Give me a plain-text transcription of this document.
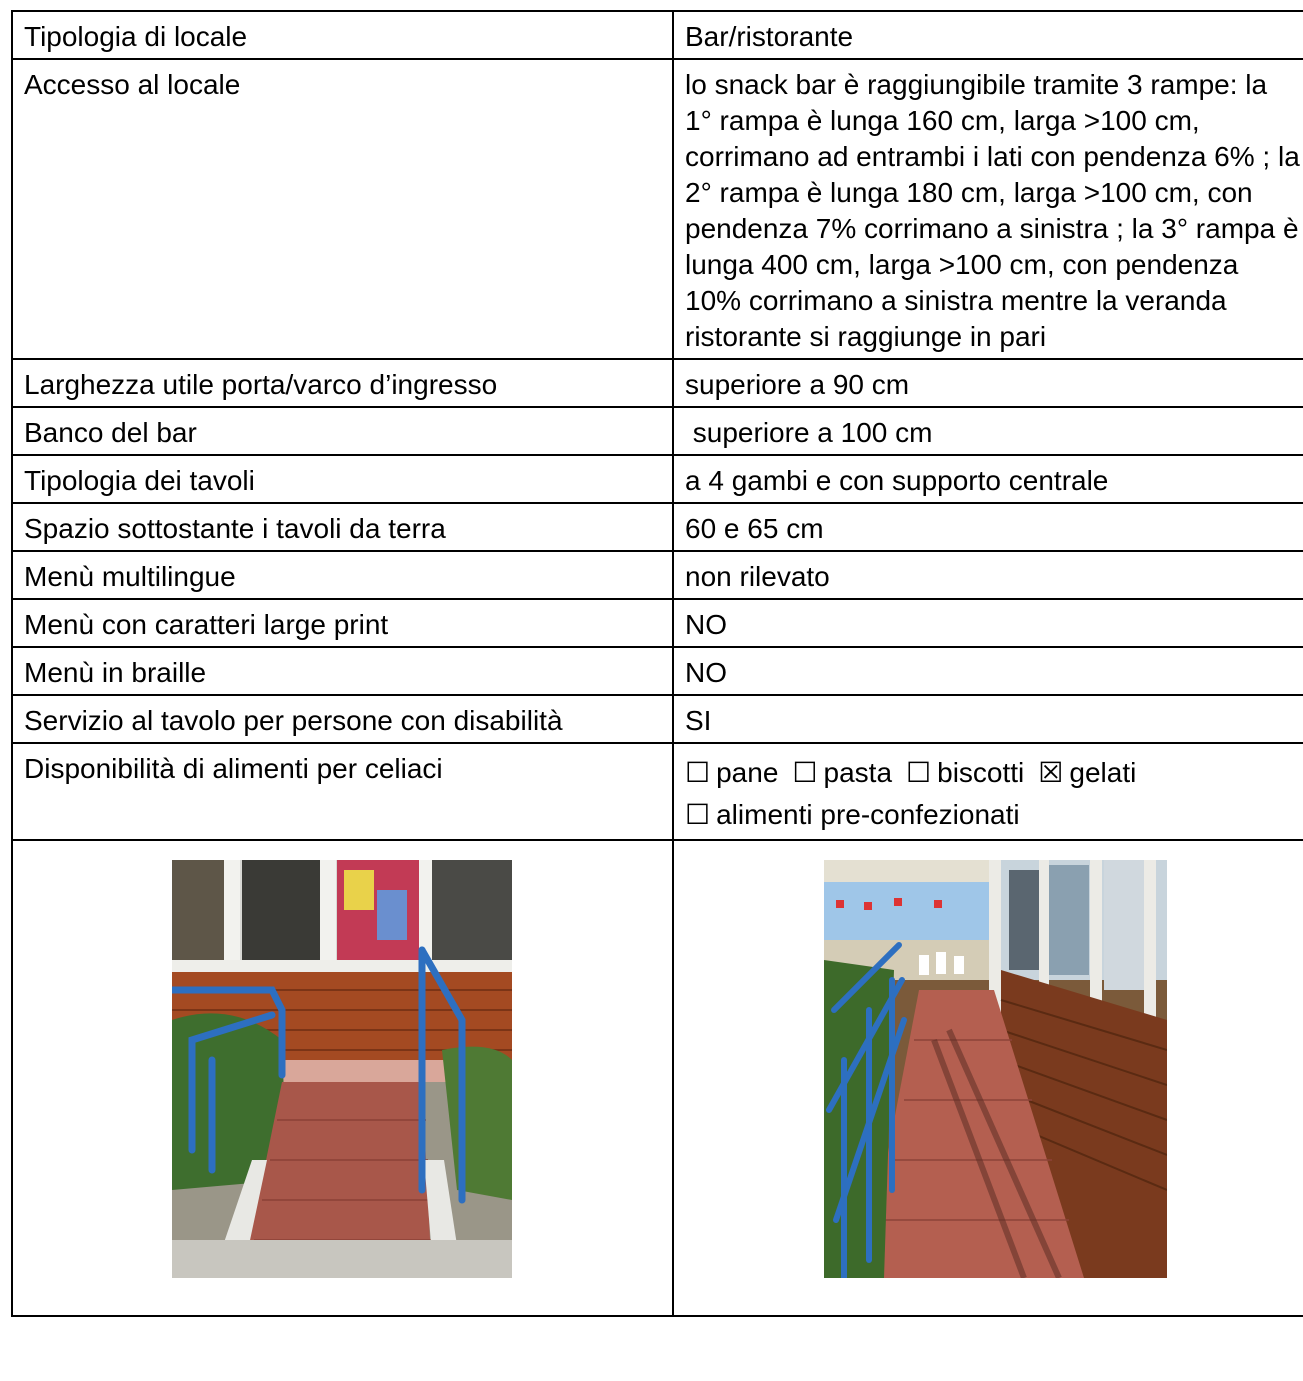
Tipologia di locale	Bar/ristorante
Accesso al locale	lo snack bar è raggiungibile tramite 3 rampe: la 1° rampa è lunga 160 cm, larga >100 cm, corrimano ad entrambi i lati con pendenza 6% ; la 2° rampa è lunga 180 cm, larga >100 cm, con pendenza 7% corrimano a sinistra ; la 3° rampa è lunga 400 cm, larga >100 cm, con pendenza 10% corrimano a sinistra mentre la veranda ristorante si raggiunge in pari
Larghezza utile porta/varco d’ingresso	superiore a 90 cm
Banco del bar	superiore a 100 cm
Tipologia dei tavoli	a 4 gambi e con supporto centrale
Spazio sottostante i tavoli da terra	60 e 65 cm
Menù multilingue	non rilevato
Menù con caratteri large print	NO
Menù in braille	NO
Servizio al tavolo per persone con disabilità	SI
Disponibilità di alimenti per celiaci	☐ pane ☐ pasta ☐ biscotti ☒ gelati
☐ alimenti pre-confezionati
